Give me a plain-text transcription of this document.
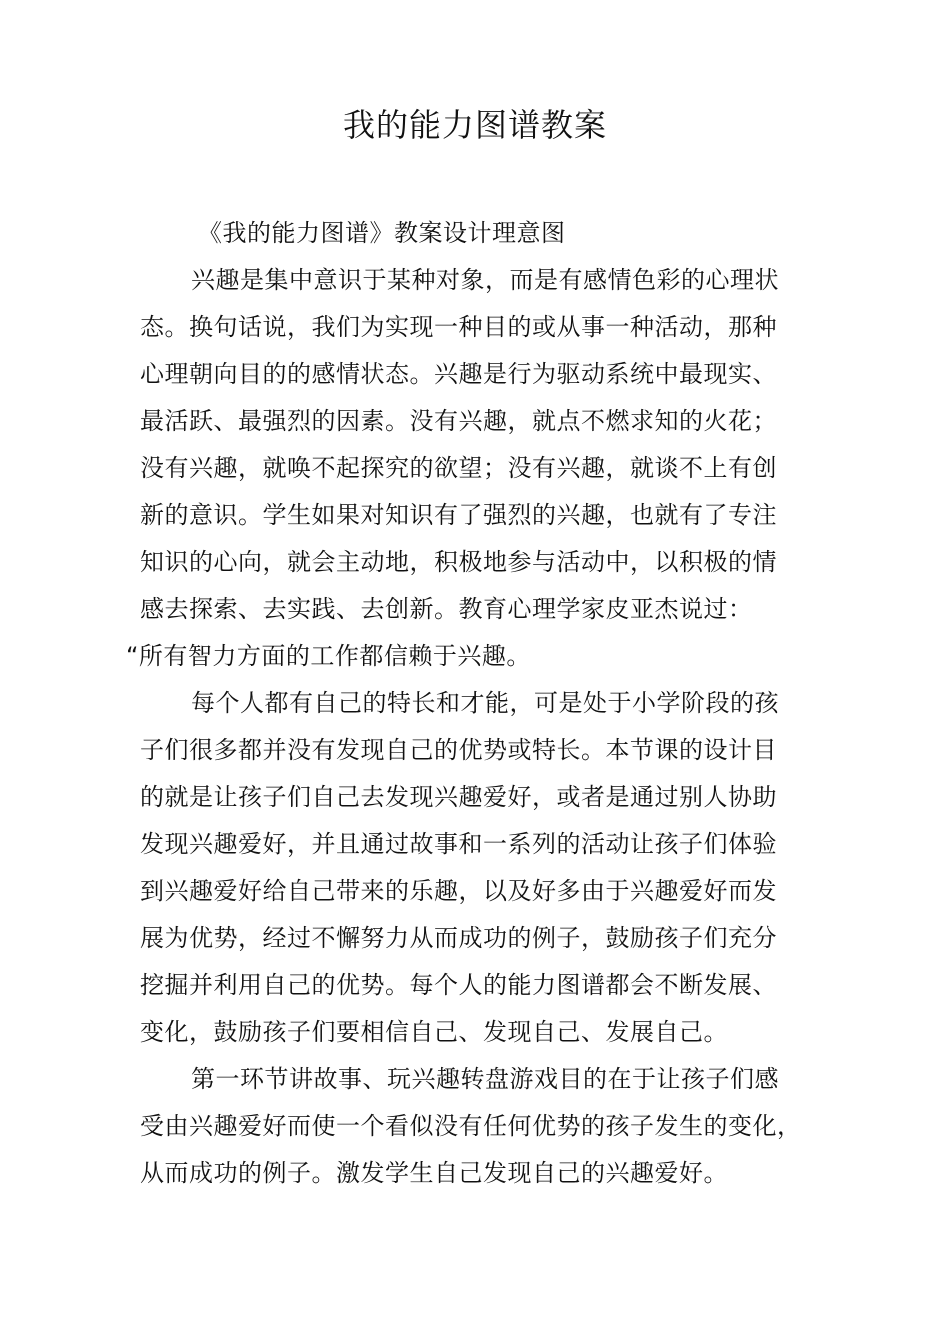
我的能力图谱教案
《我的能力图谱》教案设计理意图
兴趣是集中意识于某种对象，而是有感情色彩的心理状
态。换句话说，我们为实现一种目的或从事一种活动，那种
心理朝向目的的感情状态。兴趣是行为驱动系统中最现实、
最活跃、最强烈的因素。没有兴趣，就点不燃求知的火花；
没有兴趣，就唤不起探究的欲望；没有兴趣，就谈不上有创
新的意识。学生如果对知识有了强烈的兴趣，也就有了专注
知识的心向，就会主动地，积极地参与活动中，以积极的情
感去探索、去实践、去创新。教育心理学家皮亚杰说过：
“所有智力方面的工作都信赖于兴趣。
每个人都有自己的特长和才能，可是处于小学阶段的孩
子们很多都并没有发现自己的优势或特长。本节课的设计目
的就是让孩子们自己去发现兴趣爱好，或者是通过别人协助
发现兴趣爱好，并且通过故事和一系列的活动让孩子们体验
到兴趣爱好给自己带来的乐趣，以及好多由于兴趣爱好而发
展为优势，经过不懈努力从而成功的例子，鼓励孩子们充分
挖掘并利用自己的优势。每个人的能力图谱都会不断发展、
变化，鼓励孩子们要相信自己、发现自己、发展自己。
第一环节讲故事、玩兴趣转盘游戏目的在于让孩子们感
受由兴趣爱好而使一个看似没有任何优势的孩子发生的变化，
从而成功的例子。激发学生自己发现自己的兴趣爱好。
